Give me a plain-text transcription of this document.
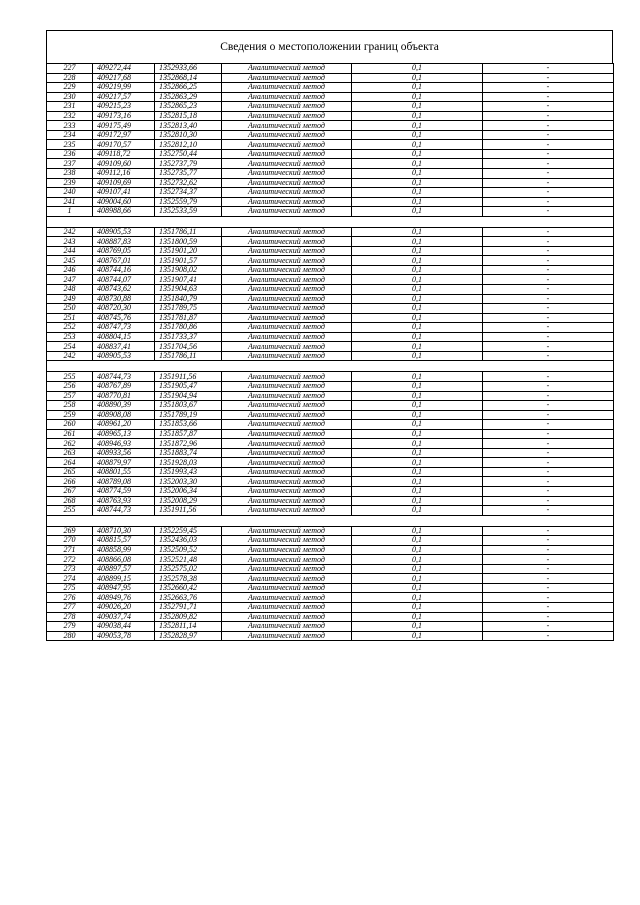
Сведения о местоположении границ объекта
227	409272,44	1352933,66	Аналитический метод	0,1	-
228	409217,68	1352868,14	Аналитический метод	0,1	-
229	409219,99	1352866,25	Аналитический метод	0,1	-
230	409217,57	1352863,29	Аналитический метод	0,1	-
231	409215,23	1352865,23	Аналитический метод	0,1	-
232	409173,16	1352815,18	Аналитический метод	0,1	-
233	409175,49	1352813,40	Аналитический метод	0,1	-
234	409172,97	1352810,30	Аналитический метод	0,1	-
235	409170,57	1352812,10	Аналитический метод	0,1	-
236	409118,72	1352750,44	Аналитический метод	0,1	-
237	409109,60	1352737,79	Аналитический метод	0,1	-
238	409112,16	1352735,77	Аналитический метод	0,1	-
239	409109,69	1352732,62	Аналитический метод	0,1	-
240	409107,41	1352734,37	Аналитический метод	0,1	-
241	409004,60	1352559,79	Аналитический метод	0,1	-
1	408988,66	1352533,59	Аналитический метод	0,1	-

242	408905,53	1351786,11	Аналитический метод	0,1	-
243	408887,83	1351800,59	Аналитический метод	0,1	-
244	408769,05	1351901,20	Аналитический метод	0,1	-
245	408767,01	1351901,57	Аналитический метод	0,1	-
246	408744,16	1351908,02	Аналитический метод	0,1	-
247	408744,07	1351907,41	Аналитический метод	0,1	-
248	408743,62	1351904,63	Аналитический метод	0,1	-
249	408730,88	1351840,79	Аналитический метод	0,1	-
250	408720,30	1351789,75	Аналитический метод	0,1	-
251	408745,76	1351781,87	Аналитический метод	0,1	-
252	408747,73	1351780,86	Аналитический метод	0,1	-
253	408804,15	1351733,37	Аналитический метод	0,1	-
254	408837,41	1351704,56	Аналитический метод	0,1	-
242	408905,53	1351786,11	Аналитический метод	0,1	-

255	408744,73	1351911,56	Аналитический метод	0,1	-
256	408767,89	1351905,47	Аналитический метод	0,1	-
257	408770,81	1351904,94	Аналитический метод	0,1	-
258	408890,39	1351803,67	Аналитический метод	0,1	-
259	408908,08	1351789,19	Аналитический метод	0,1	-
260	408961,20	1351853,66	Аналитический метод	0,1	-
261	408965,13	1351857,87	Аналитический метод	0,1	-
262	408946,93	1351872,96	Аналитический метод	0,1	-
263	408933,56	1351883,74	Аналитический метод	0,1	-
264	408879,97	1351928,03	Аналитический метод	0,1	-
265	408801,55	1351993,43	Аналитический метод	0,1	-
266	408789,08	1352003,30	Аналитический метод	0,1	-
267	408774,59	1352006,34	Аналитический метод	0,1	-
268	408763,93	1352008,29	Аналитический метод	0,1	-
255	408744,73	1351911,56	Аналитический метод	0,1	-

269	408710,30	1352259,45	Аналитический метод	0,1	-
270	408815,57	1352436,03	Аналитический метод	0,1	-
271	408858,99	1352509,52	Аналитический метод	0,1	-
272	408866,08	1352521,48	Аналитический метод	0,1	-
273	408897,57	1352575,02	Аналитический метод	0,1	-
274	408899,15	1352578,38	Аналитический метод	0,1	-
275	408947,95	1352660,42	Аналитический метод	0,1	-
276	408949,76	1352663,76	Аналитический метод	0,1	-
277	409026,20	1352791,71	Аналитический метод	0,1	-
278	409037,74	1352809,82	Аналитический метод	0,1	-
279	409038,44	1352811,14	Аналитический метод	0,1	-
280	409053,78	1352828,97	Аналитический метод	0,1	-
